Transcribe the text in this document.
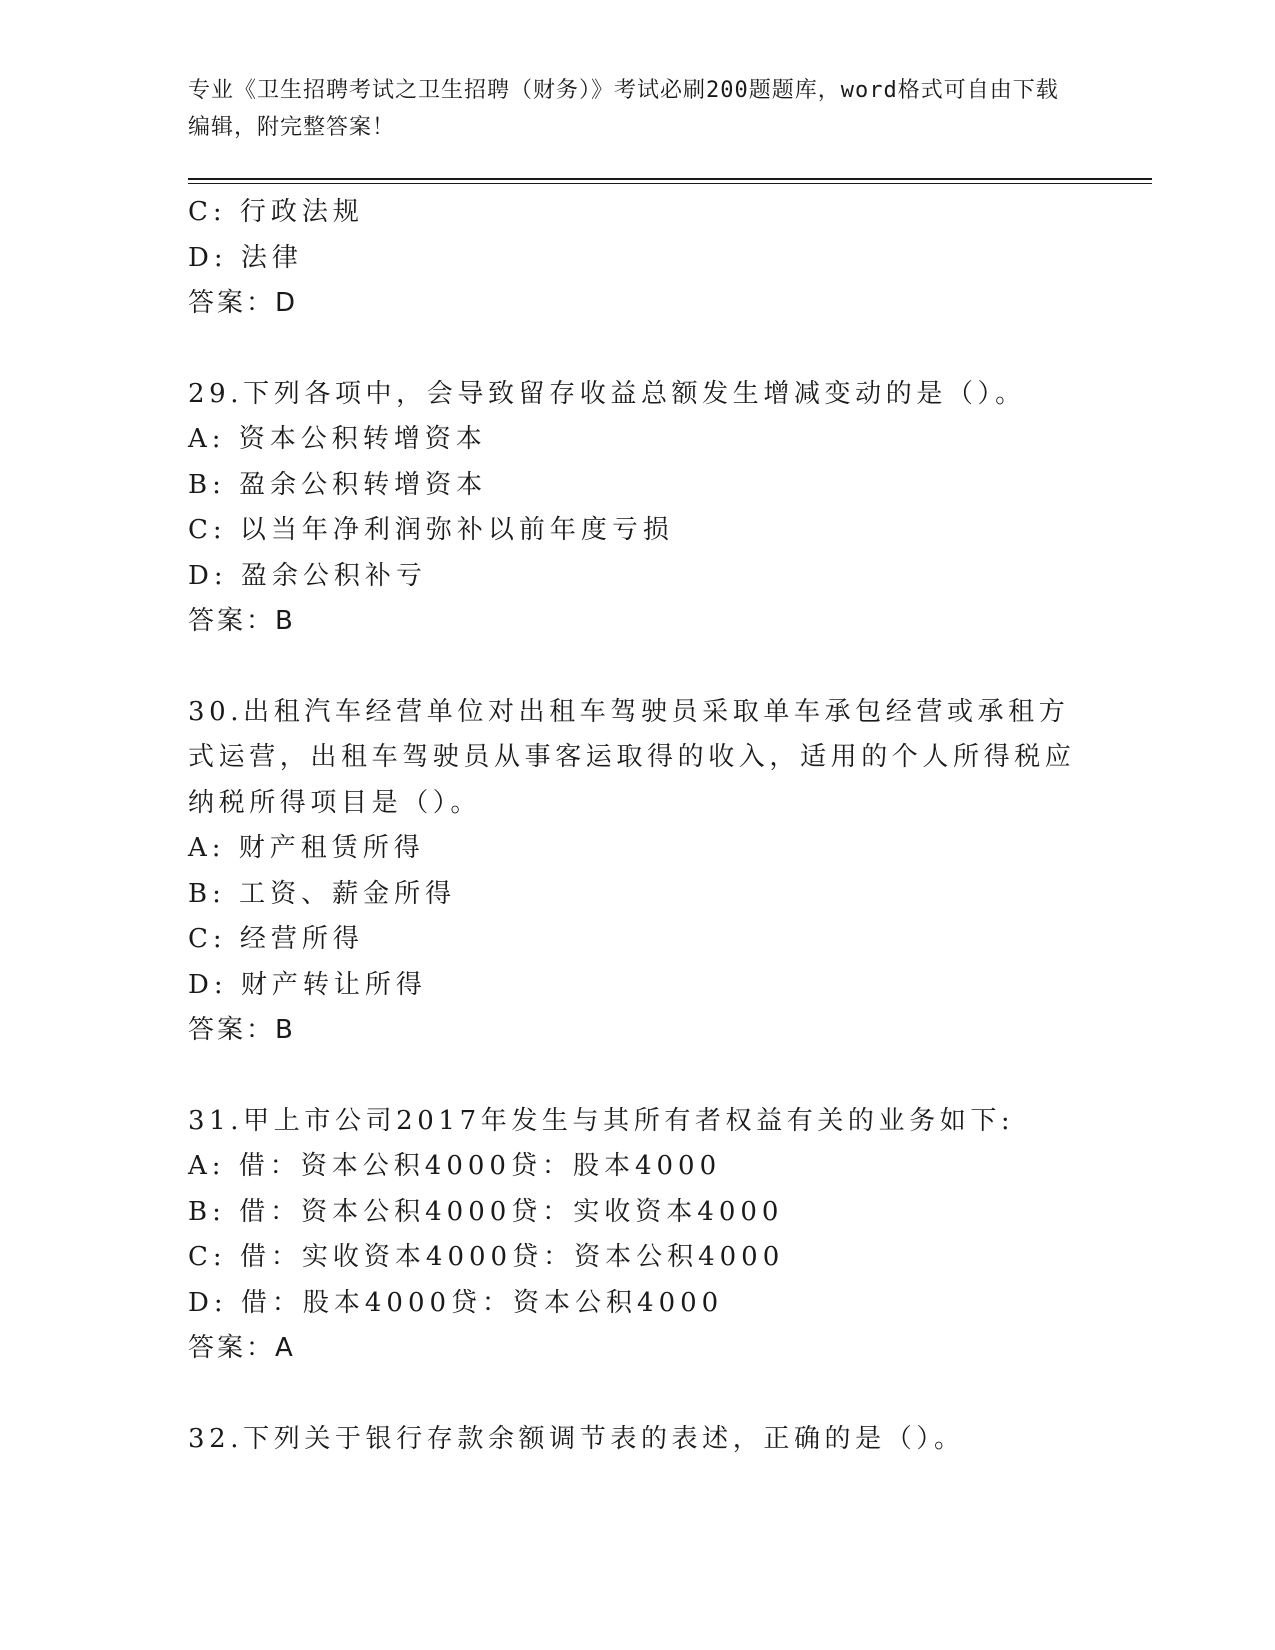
专业《卫生招聘考试之卫生招聘（财务）》考试必刷200题题库，word格式可自由下载编辑，附完整答案！
C: 行政法规
D: 法律
答案：D
29.下列各项中，会导致留存收益总额发生增减变动的是（）。
A: 资本公积转增资本
B: 盈余公积转增资本
C: 以当年净利润弥补以前年度亏损
D: 盈余公积补亏
答案：B
30.出租汽车经营单位对出租车驾驶员采取单车承包经营或承租方式运营，出租车驾驶员从事客运取得的收入，适用的个人所得税应纳税所得项目是（）。
A: 财产租赁所得
B: 工资、薪金所得
C: 经营所得
D: 财产转让所得
答案：B
31.甲上市公司2017年发生与其所有者权益有关的业务如下:
A: 借：资本公积4000贷：股本4000
B: 借：资本公积4000贷：实收资本4000
C: 借：实收资本4000贷：资本公积4000
D: 借：股本4000贷：资本公积4000
答案：A
32.下列关于银行存款余额调节表的表述，正确的是（）。
